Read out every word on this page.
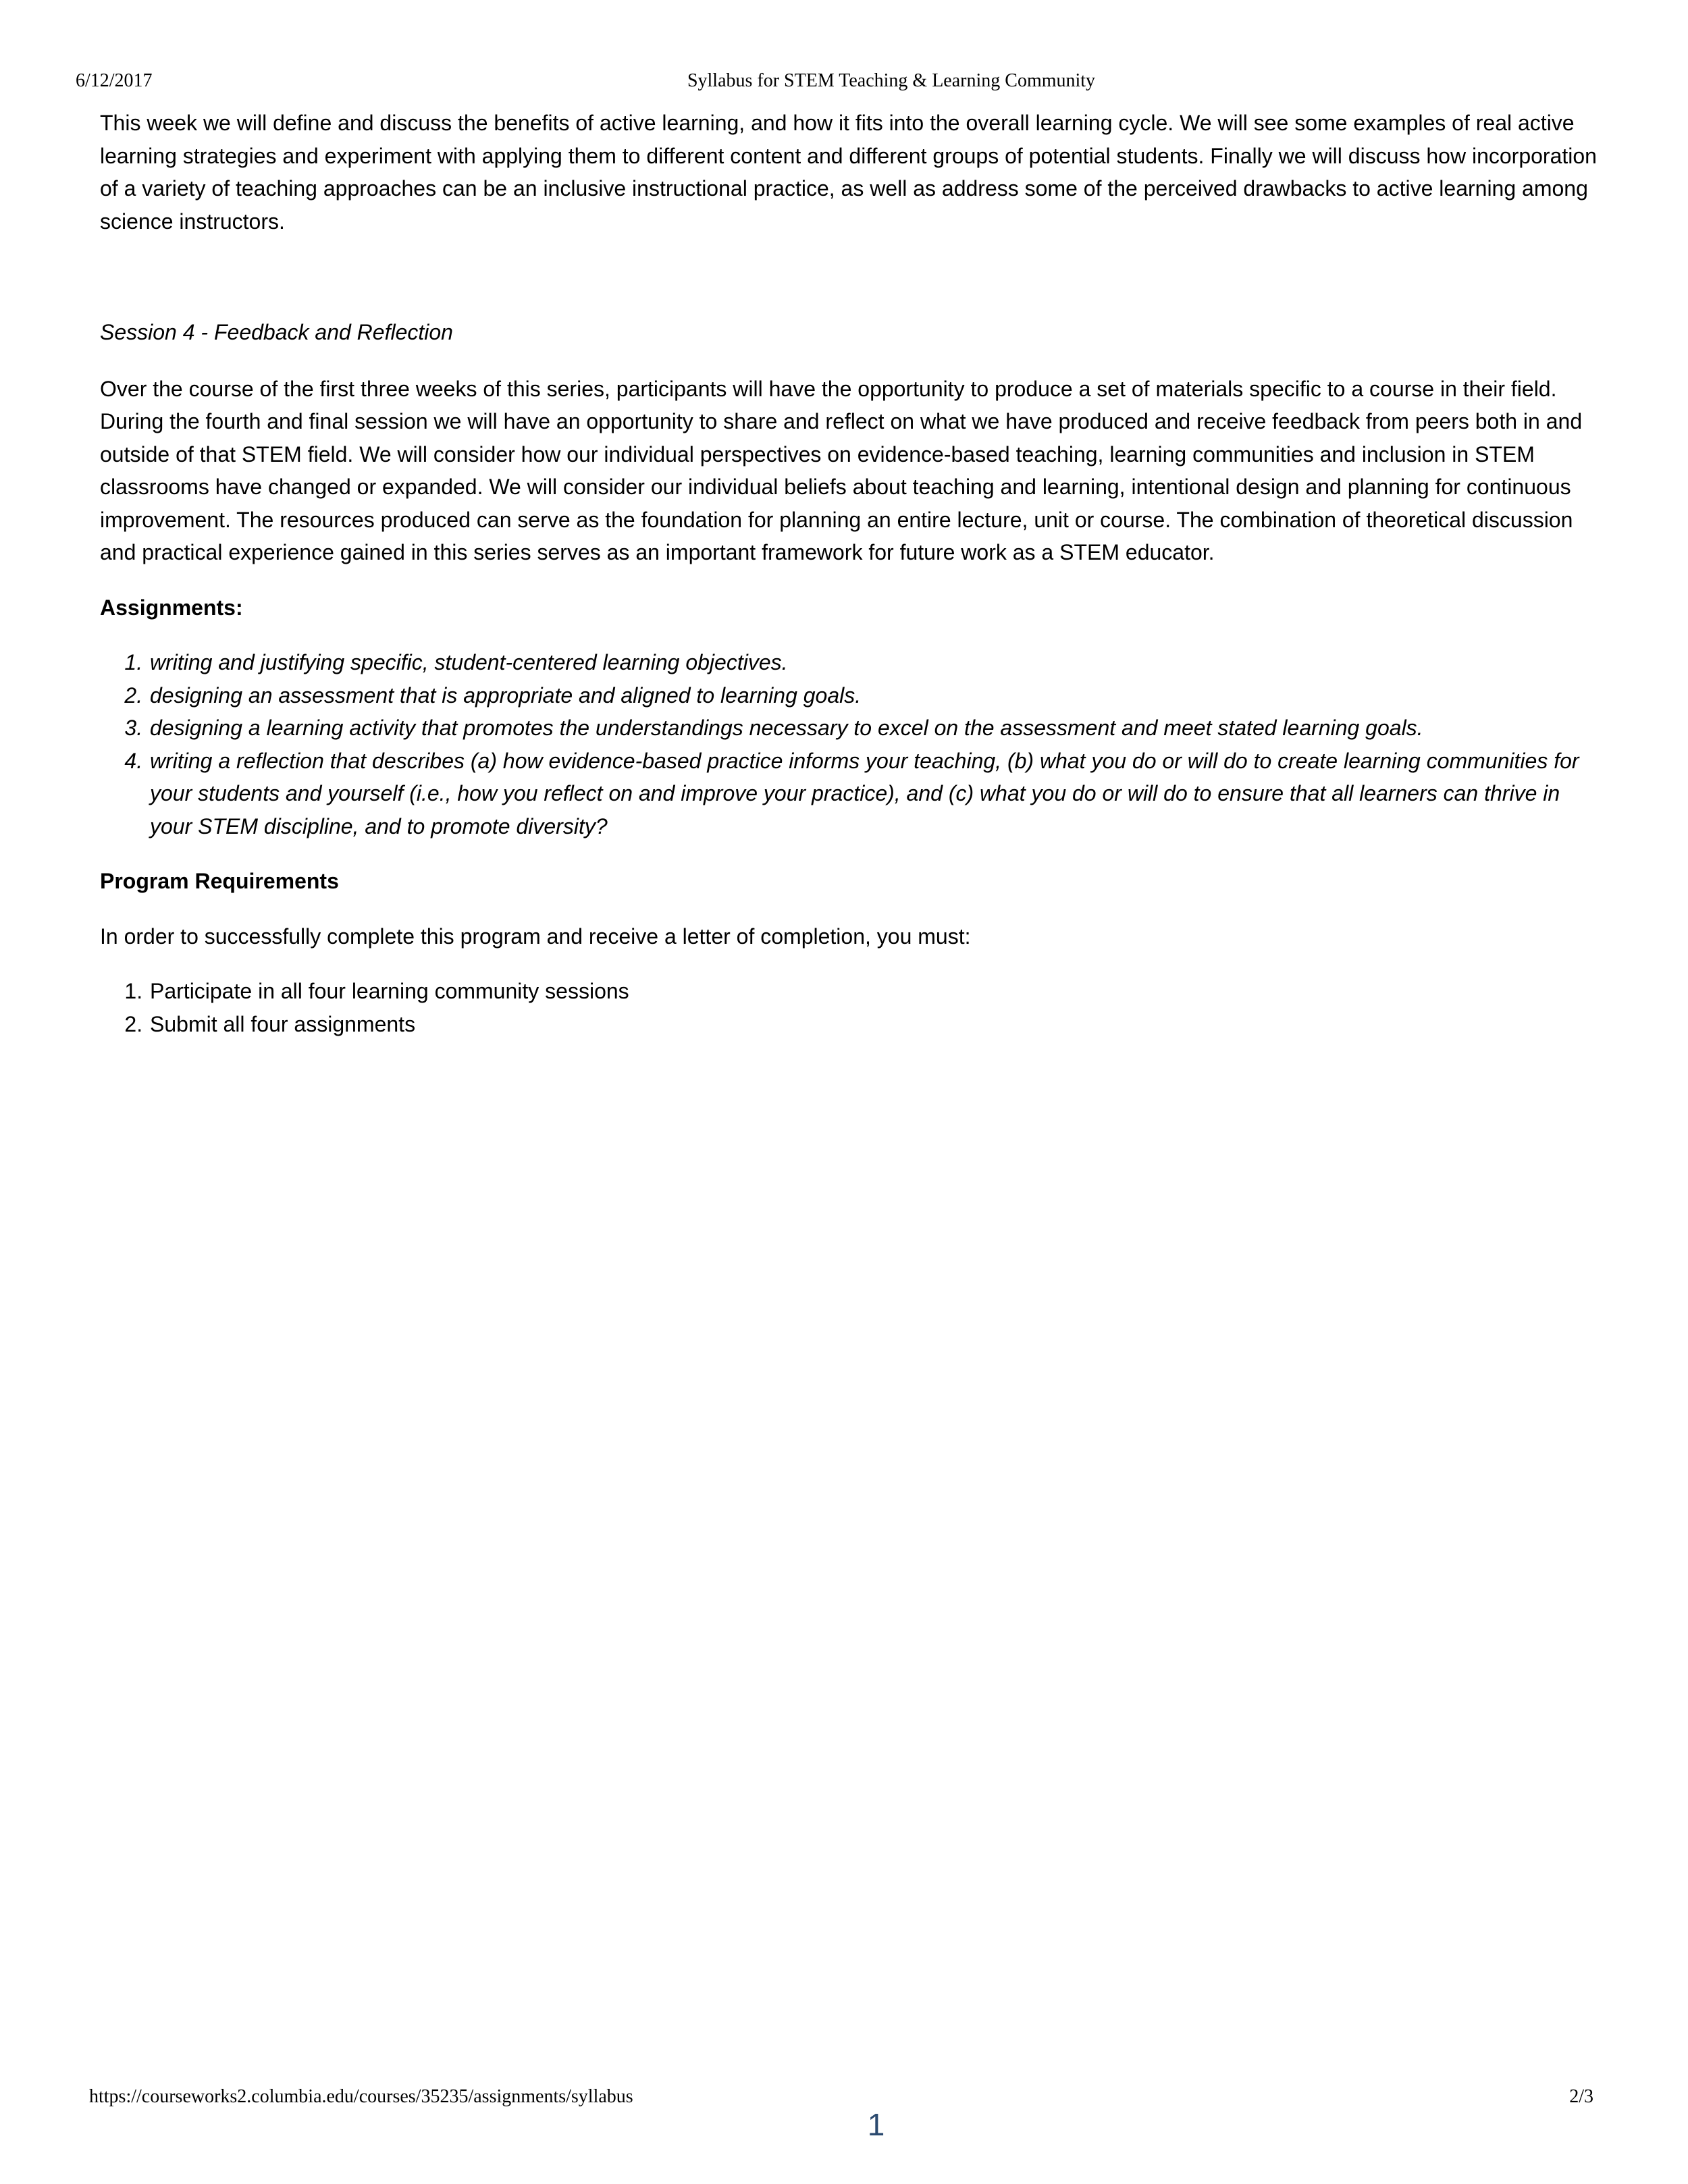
6/12/2017	Syllabus for STEM Teaching & Learning Community

This week we will define and discuss the benefits of active learning, and how it fits into the overall learning cycle. We will see some examples of real active learning strategies and experiment with applying them to different content and different groups of potential students. Finally we will discuss how incorporation of a variety of teaching approaches can be an inclusive instructional practice, as well as address some of the perceived drawbacks to active learning among science instructors.

Session 4 - Feedback and Reflection

Over the course of the first three weeks of this series, participants will have the opportunity to produce a set of materials specific to a course in their field. During the fourth and final session we will have an opportunity to share and reflect on what we have produced and receive feedback from peers both in and outside of that STEM field. We will consider how our individual perspectives on evidence-based teaching, learning communities and inclusion in STEM classrooms have changed or expanded. We will consider our individual beliefs about teaching and learning, intentional design and planning for continuous improvement. The resources produced can serve as the foundation for planning an entire lecture, unit or course. The combination of theoretical discussion and practical experience gained in this series serves as an important framework for future work as a STEM educator.

Assignments:

1. writing and justifying specific, student-centered learning objectives.
2. designing an assessment that is appropriate and aligned to learning goals.
3. designing a learning activity that promotes the understandings necessary to excel on the assessment and meet stated learning goals.
4. writing a reflection that describes (a) how evidence-based practice informs your teaching, (b) what you do or will do to create learning communities for your students and yourself (i.e., how you reflect on and improve your practice), and (c) what you do or will do to ensure that all learners can thrive in your STEM discipline, and to promote diversity?

Program Requirements

In order to successfully complete this program and receive a letter of completion, you must:

1. Participate in all four learning community sessions
2. Submit all four assignments
https://courseworks2.columbia.edu/courses/35235/assignments/syllabus	2/3
1
